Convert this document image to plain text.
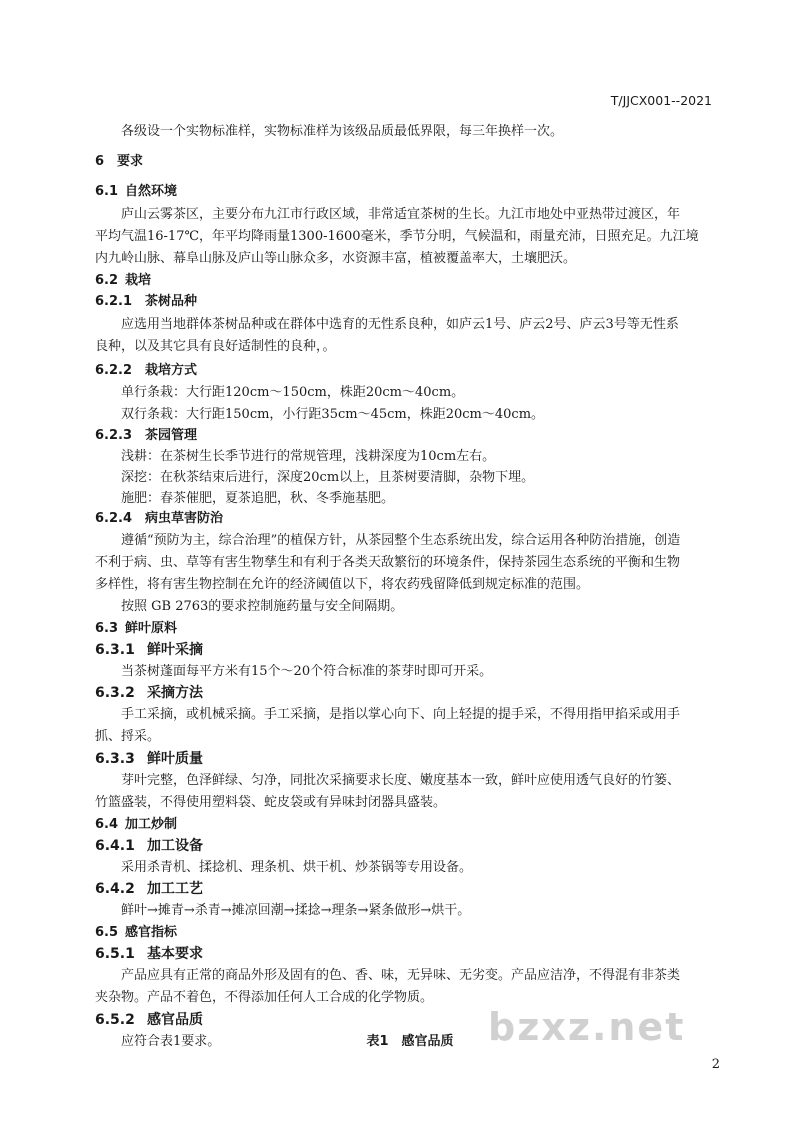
T/JJCX001--2021
各级设一个实物标准样，实物标准样为该级品质最低界限，每三年换样一次。
6 要求
6.1 自然环境
庐山云雾茶区，主要分布九江市行政区域，非常适宜茶树的生长。九江市地处中亚热带过渡区，年
平均气温16-17℃，年平均降雨量1300-1600毫米，季节分明，气候温和，雨量充沛，日照充足。九江境
内九岭山脉、幕阜山脉及庐山等山脉众多，水资源丰富，植被覆盖率大，土壤肥沃。
6.2 栽培
6.2.1 茶树品种
应选用当地群体茶树品种或在群体中选育的无性系良种，如庐云1号、庐云2号、庐云3号等无性系
良种，以及其它具有良好适制性的良种，。
6.2.2 栽培方式
单行条栽：大行距120cm～150cm，株距20cm～40cm。
双行条栽：大行距150cm，小行距35cm～45cm，株距20cm～40cm。
6.2.3 茶园管理
浅耕：在茶树生长季节进行的常规管理，浅耕深度为10cm左右。
深挖：在秋茶结束后进行，深度20cm以上，且茶树要清脚，杂物下埋。
施肥：春茶催肥，夏茶追肥，秋、冬季施基肥。
6.2.4 病虫草害防治
遵循“预防为主，综合治理”的植保方针，从茶园整个生态系统出发，综合运用各种防治措施，创造
不利于病、虫、草等有害生物孳生和有利于各类天敌繁衍的环境条件，保持茶园生态系统的平衡和生物
多样性，将有害生物控制在允许的经济阈值以下，将农药残留降低到规定标准的范围。
按照 GB 2763的要求控制施药量与安全间隔期。
6.3 鲜叶原料
6.3.1 鲜叶采摘
当茶树蓬面每平方米有15个～20个符合标准的茶芽时即可开采。
6.3.2 采摘方法
手工采摘，或机械采摘。手工采摘，是指以掌心向下、向上轻提的提手采，不得用指甲掐采或用手
抓、捋采。
6.3.3 鲜叶质量
芽叶完整，色泽鲜绿、匀净，同批次采摘要求长度、嫩度基本一致，鲜叶应使用透气良好的竹篓、
竹篮盛装，不得使用塑料袋、蛇皮袋或有异味封闭器具盛装。
6.4 加工炒制
6.4.1 加工设备
采用杀青机、揉捻机、理条机、烘干机、炒茶锅等专用设备。
6.4.2 加工工艺
鲜叶→摊青→杀青→摊凉回潮→揉捻→理条→紧条做形→烘干。
6.5 感官指标
6.5.1 基本要求
产品应具有正常的商品外形及固有的色、香、味，无异味、无劣变。产品应洁净，不得混有非茶类
夹杂物。产品不着色，不得添加任何人工合成的化学物质。
6.5.2 感官品质
应符合表1要求。	表1　感官品质 bzxz.net
2
